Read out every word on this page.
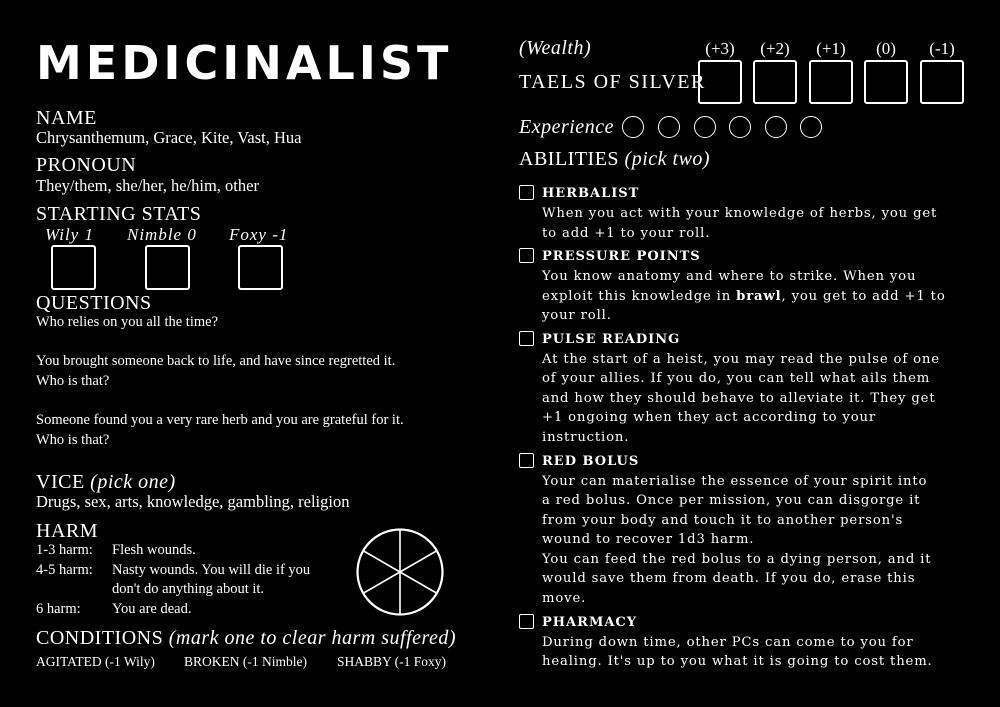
MEDICINALIST
NAME
Chrysanthemum, Grace, Kite, Vast, Hua
PRONOUN
They/them, she/her, he/him, other
STARTING STATS
Wily 1 Nimble 0 Foxy -1
QUESTIONS
Who relies on you all the time?
You brought someone back to life, and have since regretted it.
Who is that?
Someone found you a very rare herb and you are grateful for it.
Who is that?
VICE (pick one)
Drugs, sex, arts, knowledge, gambling, religion
HARM
1-3 harm: Flesh wounds.
4-5 harm: Nasty wounds. You will die if you
don't do anything about it.
6 harm: You are dead.
CONDITIONS (mark one to clear harm suffered)
AGITATED (-1 Wily) BROKEN (-1 Nimble) SHABBY (-1 Foxy)
(Wealth)
TAELS OF SILVER
(+3)	(+2)	(+1)	(0)	(-1)
Experience
ABILITIES (pick two)
HERBALIST
When you act with your knowledge of herbs, you get
to add +1 to your roll.
PRESSURE POINTS
You know anatomy and where to strike. When you
exploit this knowledge in brawl, you get to add +1 to
your roll.
PULSE READING
At the start of a heist, you may read the pulse of one
of your allies. If you do, you can tell what ails them
and how they should behave to alleviate it. They get
+1 ongoing when they act according to your
instruction.
RED BOLUS
Your can materialise the essence of your spirit into
a red bolus. Once per mission, you can disgorge it
from your body and touch it to another person's
wound to recover 1d3 harm.
You can feed the red bolus to a dying person, and it
would save them from death. If you do, erase this
move.
PHARMACY
During down time, other PCs can come to you for
healing. It's up to you what it is going to cost them.
